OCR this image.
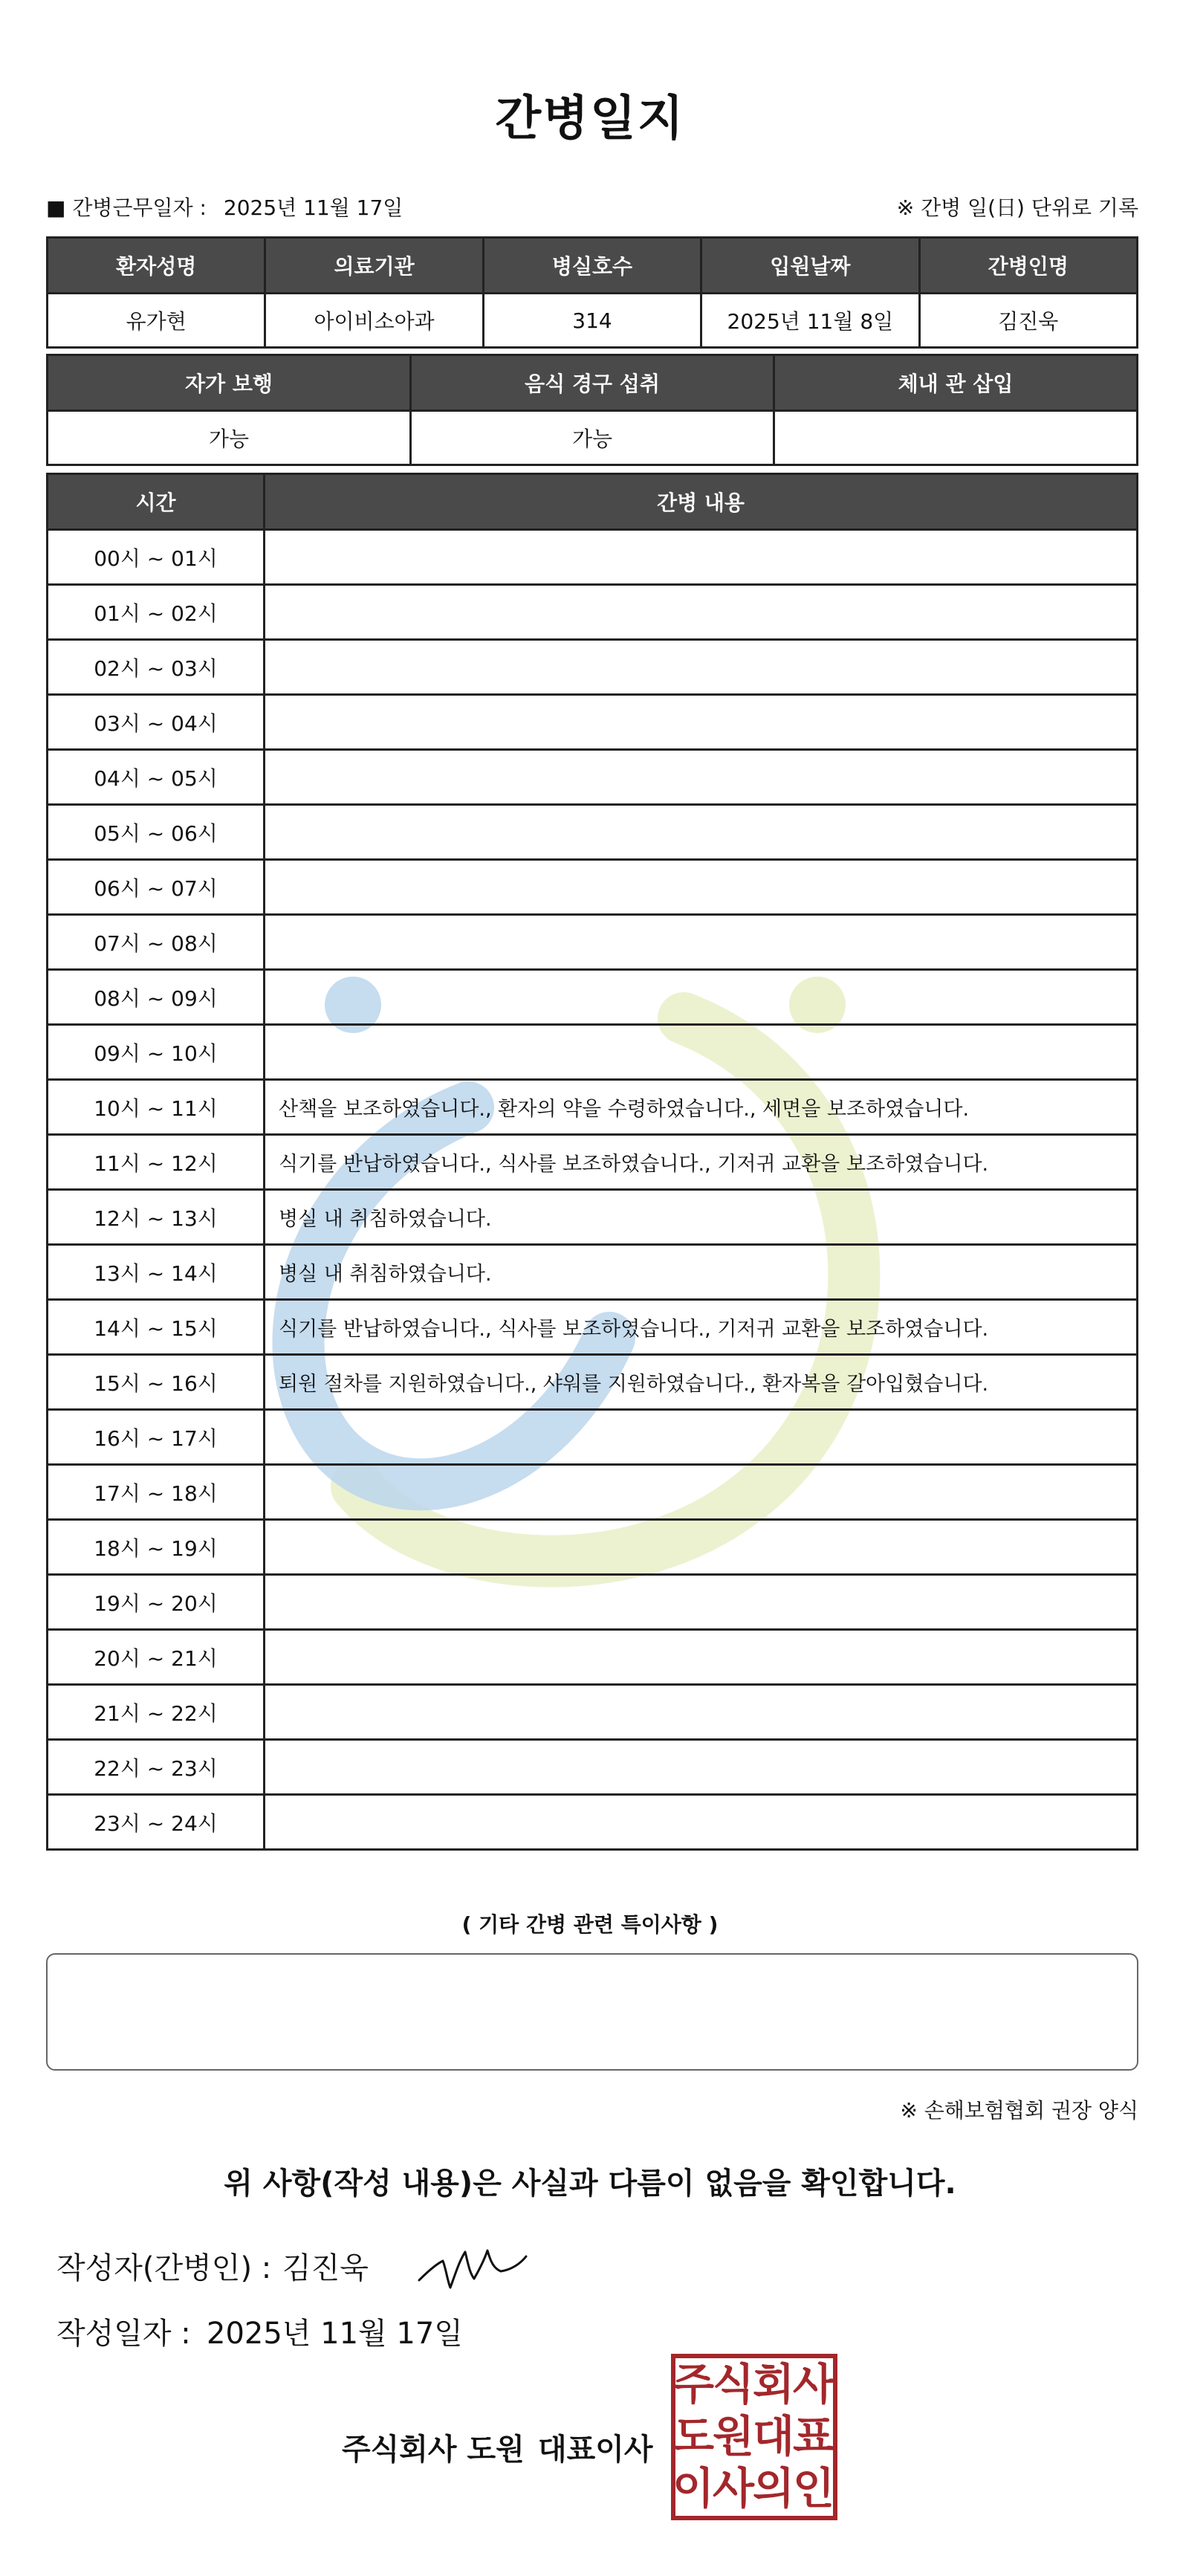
간병일지
■ 간병근무일자 : 2025년 11월 17일	※ 간병 일(日) 단위로 기록
환자성명	의료기관	병실호수	입원날짜	간병인명
유가현	아이비소아과	314	2025년 11월 8일	김진욱
자가 보행	음식 경구 섭취	체내 관 삽입
가능	가능	
시간	간병 내용
00시 ~ 01시	
01시 ~ 02시	
02시 ~ 03시	
03시 ~ 04시	
04시 ~ 05시	
05시 ~ 06시	
06시 ~ 07시	
07시 ~ 08시	
08시 ~ 09시	
09시 ~ 10시	
10시 ~ 11시	산책을 보조하였습니다., 환자의 약을 수령하였습니다., 세면을 보조하였습니다.
11시 ~ 12시	식기를 반납하였습니다., 식사를 보조하였습니다., 기저귀 교환을 보조하였습니다.
12시 ~ 13시	병실 내 취침하였습니다.
13시 ~ 14시	병실 내 취침하였습니다.
14시 ~ 15시	식기를 반납하였습니다., 식사를 보조하였습니다., 기저귀 교환을 보조하였습니다.
15시 ~ 16시	퇴원 절차를 지원하였습니다., 샤워를 지원하였습니다., 환자복을 갈아입혔습니다.
16시 ~ 17시	
17시 ~ 18시	
18시 ~ 19시	
19시 ~ 20시	
20시 ~ 21시	
21시 ~ 22시	
22시 ~ 23시	
23시 ~ 24시	
( 기타 간병 관련 특이사항 )
※ 손해보험협회 권장 양식
위 사항(작성 내용)은 사실과 다름이 없음을 확인합니다.
작성자(간병인) : 김진욱
작성일자 : 2025년 11월 17일
주식회사 도원 대표이사
주
식
회
사
도
원
대
표
이
사
의
인
